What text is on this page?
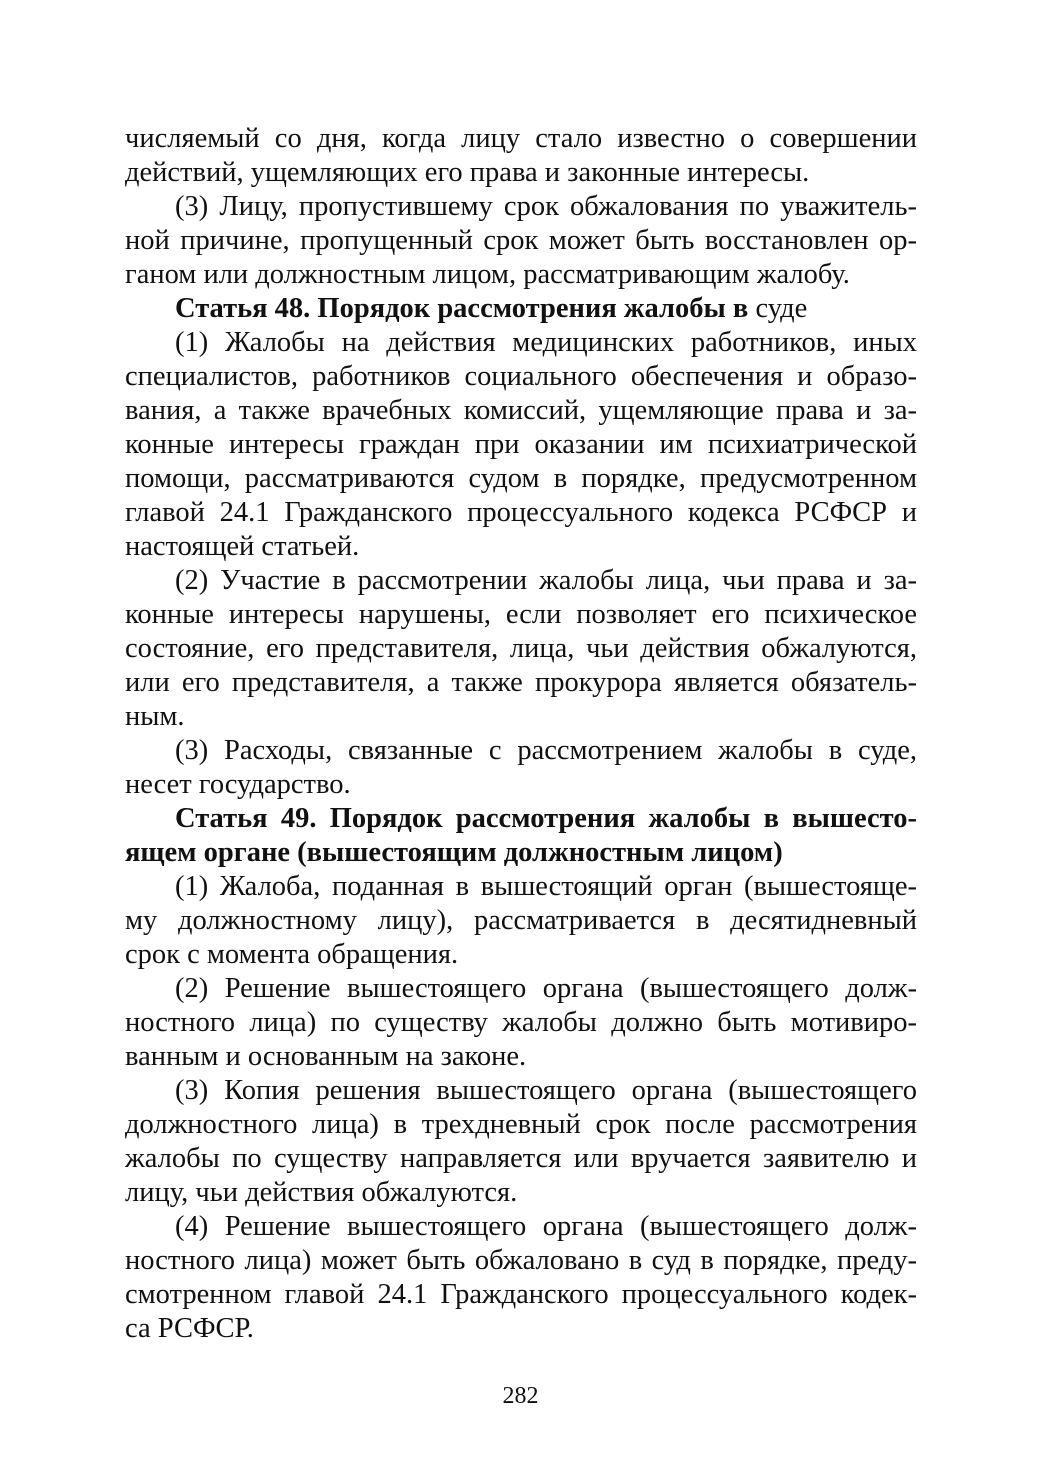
числяемый со дня, когда лицу стало известно о совершении
действий, ущемляющих его права и законные интересы.
(3) Лицу, пропустившему срок обжалования по уважитель-
ной причине, пропущенный срок может быть восстановлен ор-
ганом или должностным лицом, рассматривающим жалобу.
Статья 48. Порядок рассмотрения жалобы в суде
(1) Жалобы на действия медицинских работников, иных
специалистов, работников социального обеспечения и образо-
вания, а также врачебных комиссий, ущемляющие права и за-
конные интересы граждан при оказании им психиатрической
помощи, рассматриваются судом в порядке, предусмотренном
главой 24.1 Гражданского процессуального кодекса РСФСР и
настоящей статьей.
(2) Участие в рассмотрении жалобы лица, чьи права и за-
конные интересы нарушены, если позволяет его психическое
состояние, его представителя, лица, чьи действия обжалуются,
или его представителя, а также прокурора является обязатель-
ным.
(3) Расходы, связанные с рассмотрением жалобы в суде,
несет государство.
Статья 49. Порядок рассмотрения жалобы в вышесто-
ящем органе (вышестоящим должностным лицом)
(1) Жалоба, поданная в вышестоящий орган (вышестояще-
му должностному лицу), рассматривается в десятидневный
срок с момента обращения.
(2) Решение вышестоящего органа (вышестоящего долж-
ностного лица) по существу жалобы должно быть мотивиро-
ванным и основанным на законе.
(3) Копия решения вышестоящего органа (вышестоящего
должностного лица) в трехдневный срок после рассмотрения
жалобы по существу направляется или вручается заявителю и
лицу, чьи действия обжалуются.
(4) Решение вышестоящего органа (вышестоящего долж-
ностного лица) может быть обжаловано в суд в порядке, преду-
смотренном главой 24.1 Гражданского процессуального кодек-
са РСФСР.
282
